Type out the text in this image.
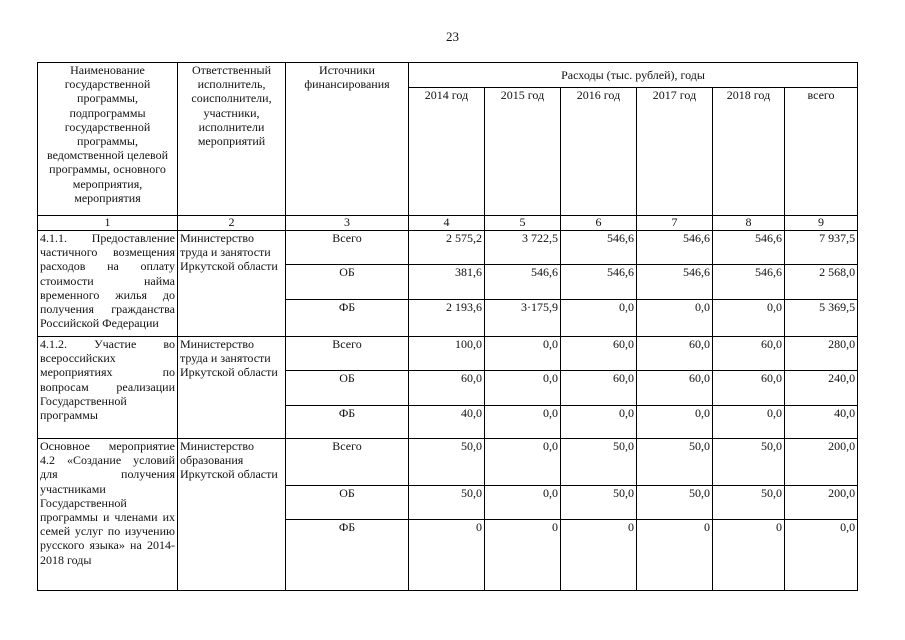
23
Наименование государственной программы, подпрограммы государственной программы, ведомственной целевой программы, основного мероприятия, мероприятия	Ответственный исполнитель, соисполнители, участники, исполнители мероприятий	Источники финансирования	Расходы (тыс. рублей), годы					
			2014 год	2015 год	2016 год	2017 год	2018 год	всего
1	2	3	4	5	6	7	8	9
4.1.1. Предоставление частичного возмещения расходов на оплату стоимости найма временного жилья до получения гражданства Российской Федерации	Министерство труда и занятости Иркутской области	Всего	2 575,2	3 722,5	546,6	546,6	546,6	7 937,5
		ОБ	381,6	546,6	546,6	546,6	546,6	2 568,0
		ФБ	2 193,6	3·175,9	0,0	0,0	0,0	5 369,5
4.1.2. Участие во всероссийских мероприятиях по вопросам реализации Государственной программы	Министерство труда и занятости Иркутской области	Всего	100,0	0,0	60,0	60,0	60,0	280,0
		ОБ	60,0	0,0	60,0	60,0	60,0	240,0
		ФБ	40,0	0,0	0,0	0,0	0,0	40,0
Основное мероприятие 4.2 «Создание условий для получения участниками Государственной программы и членами их семей услуг по изучению русского языка» на 2014-2018 годы	Министерство образования Иркутской области	Всего	50,0	0,0	50,0	50,0	50,0	200,0
		ОБ	50,0	0,0	50,0	50,0	50,0	200,0
		ФБ	0	0	0	0	0	0,0
